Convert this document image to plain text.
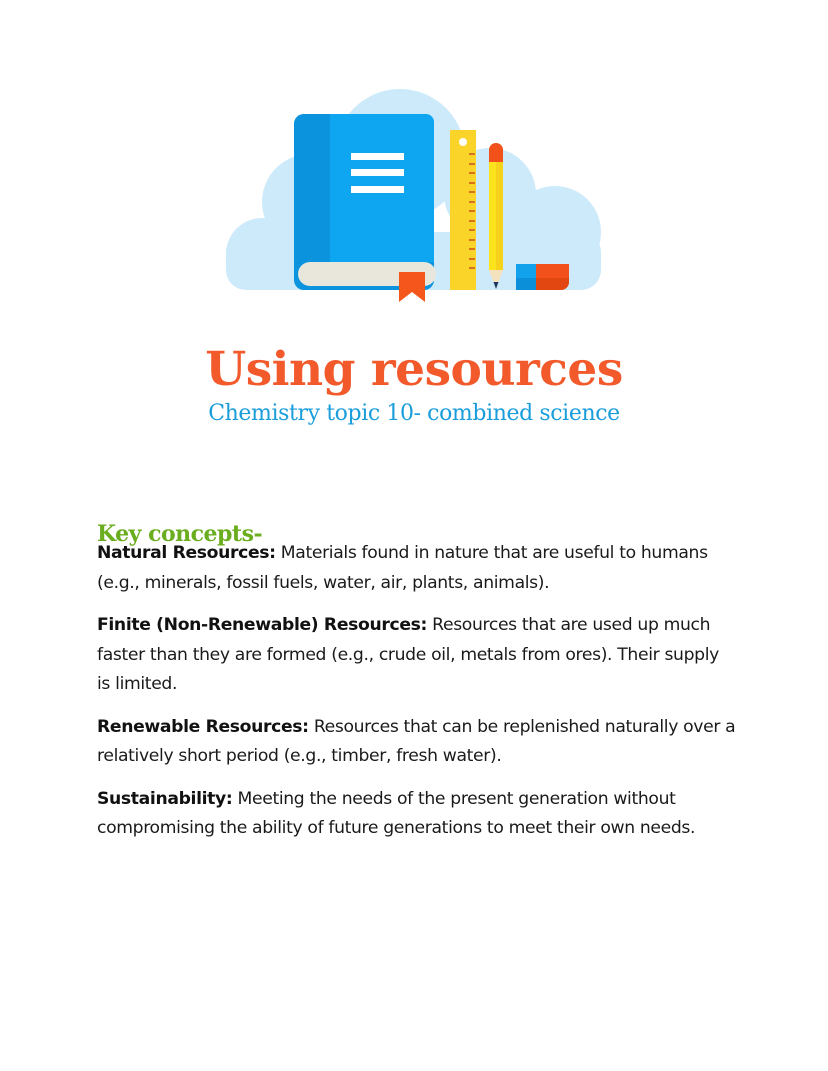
Using resources
Chemistry topic 10- combined science
Key concepts-

Natural Resources: Materials found in nature that are useful to humans (e.g., minerals, fossil fuels, water, air, plants, animals).

Finite (Non-Renewable) Resources: Resources that are used up much faster than they are formed (e.g., crude oil, metals from ores). Their supply is limited.

Renewable Resources: Resources that can be replenished naturally over a relatively short period (e.g., timber, fresh water).

Sustainability: Meeting the needs of the present generation without compromising the ability of future generations to meet their own needs.
